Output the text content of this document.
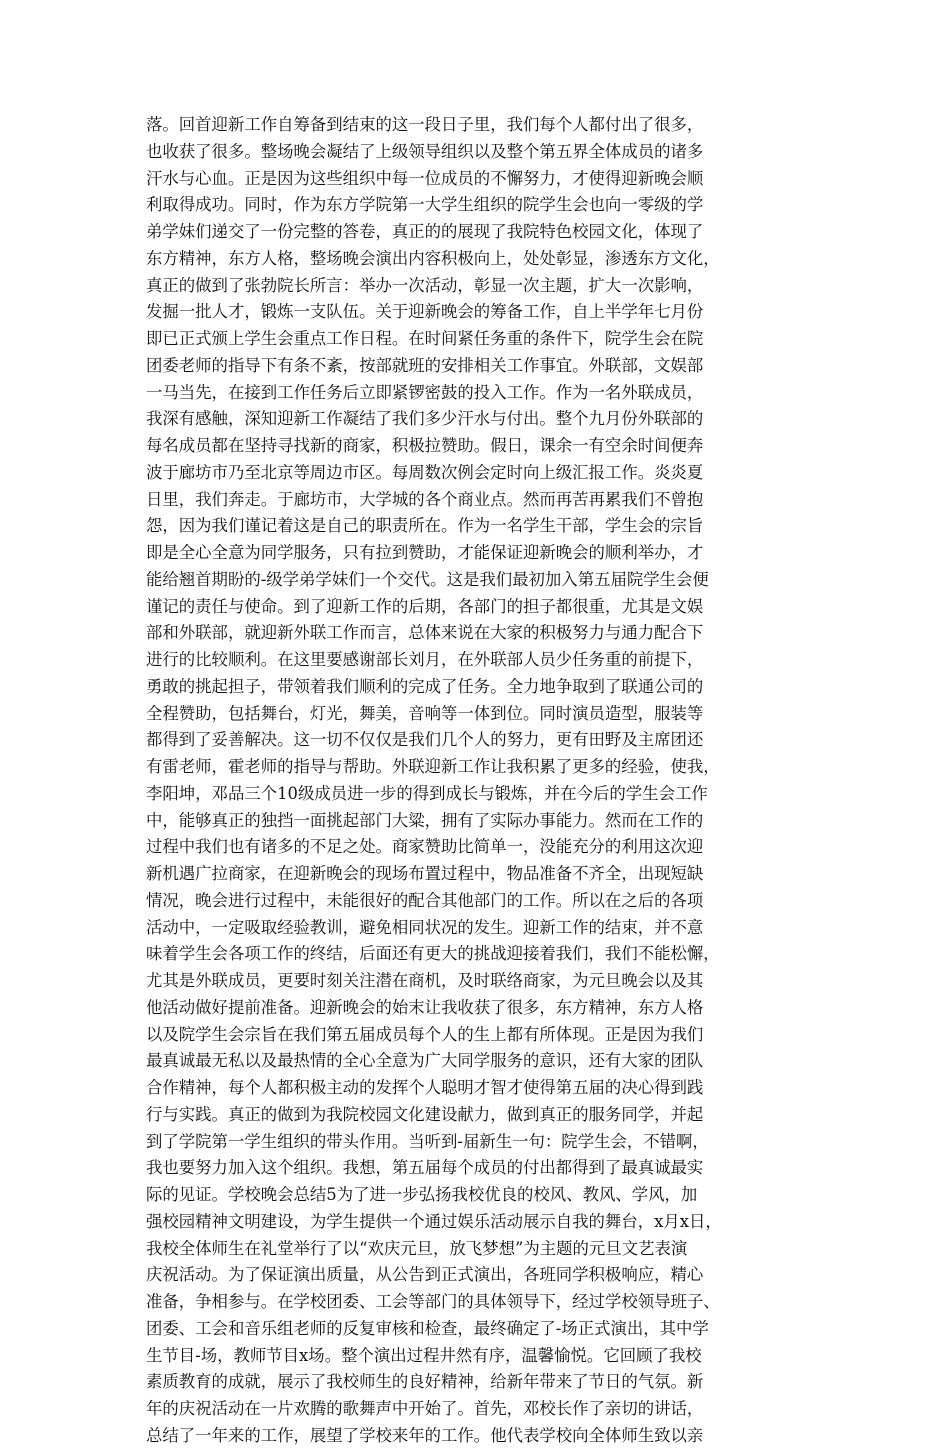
落。回首迎新工作自筹备到结束的这一段日子里，我们每个人都付出了很多，
也收获了很多。整场晚会凝结了上级领导组织以及整个第五界全体成员的诸多
汗水与心血。正是因为这些组织中每一位成员的不懈努力，才使得迎新晚会顺
利取得成功。同时，作为东方学院第一大学生组织的院学生会也向一零级的学
弟学妹们递交了一份完整的答卷，真正的的展现了我院特色校园文化，体现了
东方精神，东方人格，整场晚会演出内容积极向上，处处彰显，渗透东方文化，
真正的做到了张勃院长所言：举办一次活动，彰显一次主题，扩大一次影响，
发掘一批人才，锻炼一支队伍。关于迎新晚会的筹备工作，自上半学年七月份
即已正式颁上学生会重点工作日程。在时间紧任务重的条件下，院学生会在院
团委老师的指导下有条不紊，按部就班的安排相关工作事宜。外联部，文娱部
一马当先，在接到工作任务后立即紧锣密鼓的投入工作。作为一名外联成员，
我深有感触，深知迎新工作凝结了我们多少汗水与付出。整个九月份外联部的
每名成员都在坚持寻找新的商家，积极拉赞助。假日，课余一有空余时间便奔
波于廊坊市乃至北京等周边市区。每周数次例会定时向上级汇报工作。炎炎夏
日里，我们奔走。于廊坊市，大学城的各个商业点。然而再苦再累我们不曾抱
怨，因为我们谨记着这是自己的职责所在。作为一名学生干部，学生会的宗旨
即是全心全意为同学服务，只有拉到赞助，才能保证迎新晚会的顺利举办，才
能给翘首期盼的-级学弟学妹们一个交代。这是我们最初加入第五届院学生会便
谨记的责任与使命。到了迎新工作的后期，各部门的担子都很重，尤其是文娱
部和外联部，就迎新外联工作而言，总体来说在大家的积极努力与通力配合下
进行的比较顺利。在这里要感谢部长刘月，在外联部人员少任务重的前提下，
勇敢的挑起担子，带领着我们顺利的完成了任务。全力地争取到了联通公司的
全程赞助，包括舞台，灯光，舞美，音响等一体到位。同时演员造型，服装等
都得到了妥善解决。这一切不仅仅是我们几个人的努力，更有田野及主席团还
有雷老师，霍老师的指导与帮助。外联迎新工作让我积累了更多的经验，使我，
李阳坤，邓品三个10级成员进一步的得到成长与锻炼，并在今后的学生会工作
中，能够真正的独挡一面挑起部门大粱，拥有了实际办事能力。然而在工作的
过程中我们也有诸多的不足之处。商家赞助比简单一，没能充分的利用这次迎
新机遇广拉商家，在迎新晚会的现场布置过程中，物品准备不齐全，出现短缺
情况，晚会进行过程中，未能很好的配合其他部门的工作。所以在之后的各项
活动中，一定吸取经验教训，避免相同状况的发生。迎新工作的结束，并不意
味着学生会各项工作的终结，后面还有更大的挑战迎接着我们，我们不能松懈，
尤其是外联成员，更要时刻关注潜在商机，及时联络商家，为元旦晚会以及其
他活动做好提前准备。迎新晚会的始末让我收获了很多，东方精神，东方人格
以及院学生会宗旨在我们第五届成员每个人的生上都有所体现。正是因为我们
最真诚最无私以及最热情的全心全意为广大同学服务的意识，还有大家的团队
合作精神，每个人都积极主动的发挥个人聪明才智才使得第五届的决心得到践
行与实践。真正的做到为我院校园文化建设献力，做到真正的服务同学，并起
到了学院第一学生组织的带头作用。当听到-届新生一句：院学生会，不错啊，
我也要努力加入这个组织。我想，第五届每个成员的付出都得到了最真诚最实
际的见证。学校晚会总结5为了进一步弘扬我校优良的校风、教风、学风，加
强校园精神文明建设，为学生提供一个通过娱乐活动展示自我的舞台，x月x日，
我校全体师生在礼堂举行了以“欢庆元旦，放飞梦想”为主题的元旦文艺表演
庆祝活动。为了保证演出质量，从公告到正式演出，各班同学积极响应，精心
准备，争相参与。在学校团委、工会等部门的具体领导下，经过学校领导班子、
团委、工会和音乐组老师的反复审核和检查，最终确定了-场正式演出，其中学
生节目-场，教师节目x场。整个演出过程井然有序，温馨愉悦。它回顾了我校
素质教育的成就，展示了我校师生的良好精神，给新年带来了节日的气氛。新
年的庆祝活动在一片欢腾的歌舞声中开始了。首先，邓校长作了亲切的讲话，
总结了一年来的工作，展望了学校来年的工作。他代表学校向全体师生致以亲
